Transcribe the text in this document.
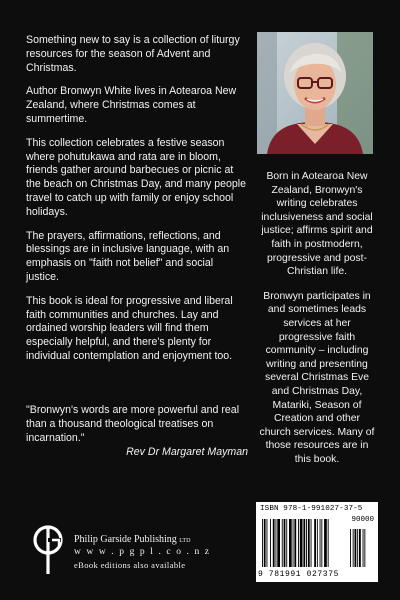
Something new to say is a collection of liturgy resources for the season of Advent and Christmas.

Author Bronwyn White lives in Aotearoa New Zealand, where Christmas comes at summertime.

This collection celebrates a festive season where pohutukawa and rata are in bloom, friends gather around barbecues or picnic at the beach on Christmas Day, and many people travel to catch up with family or enjoy school holidays.

The prayers, affirmations, reflections, and blessings are in inclusive language, with an emphasis on "faith not belief" and social justice.

This book is ideal for progressive and liberal faith communities and churches. Lay and ordained worship leaders will find them especially helpful, and there's plenty for individual contemplation and enjoyment too.

"Bronwyn's words are more powerful and real than a thousand theological treatises on incarnation."

Rev Dr Margaret Mayman

Philip Garside Publishing LTD
w w w . p g p l . c o . n z
eBook editions also available

Born in Aotearoa New Zealand, Bronwyn's writing celebrates inclusiveness and social justice; affirms spirit and faith in postmodern, progressive and post-Christian life.

Bronwyn participates in and sometimes leads services at her progressive faith community – including writing and presenting several Christmas Eve and Christmas Day, Matariki, Season of Creation and other church services. Many of those resources are in this book.

ISBN 978-1-991027-37-5
90000
9 781991 027375
